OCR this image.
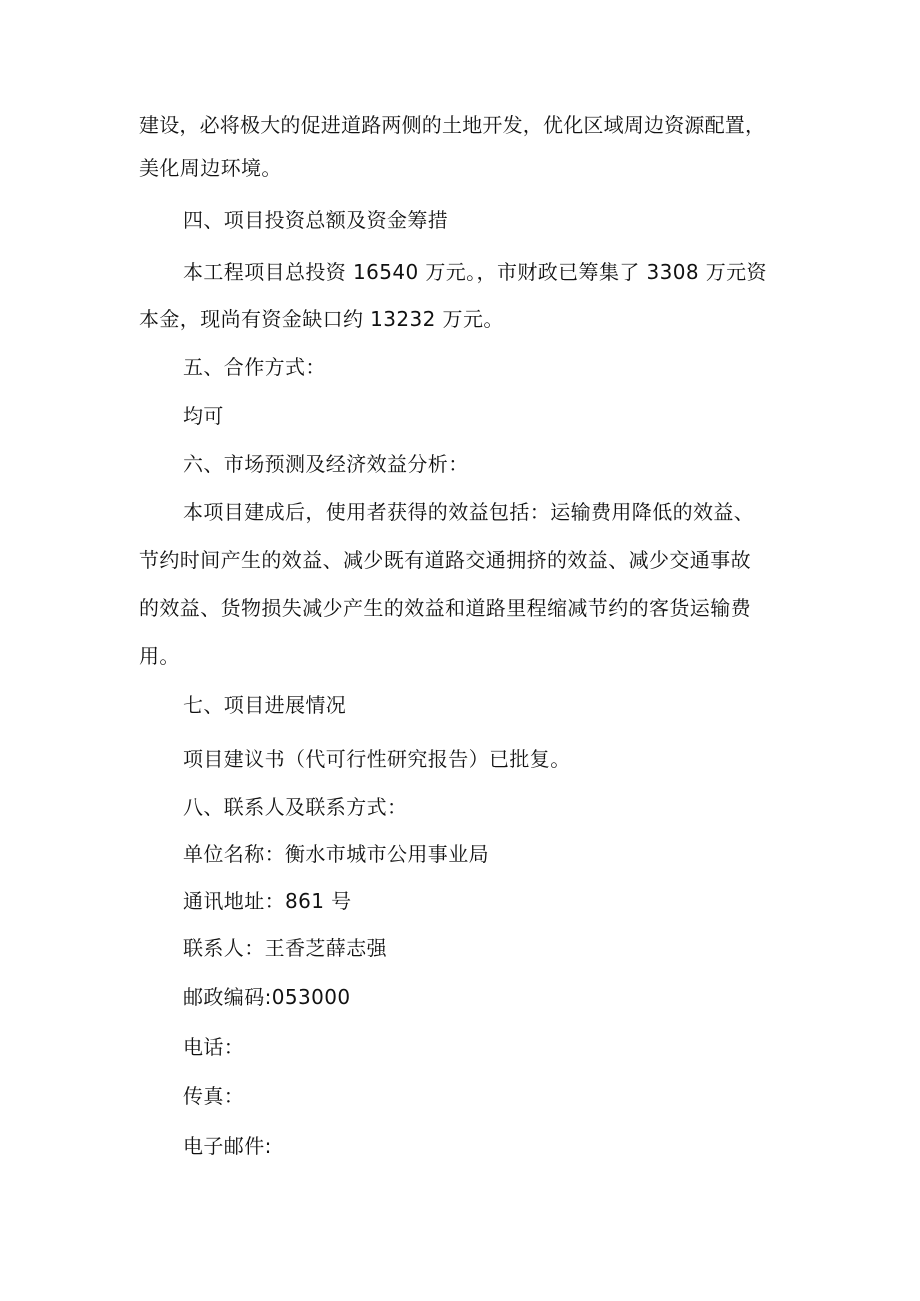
建设，必将极大的促进道路两侧的土地开发，优化区域周边资源配置，
美化周边环境。
四、项目投资总额及资金筹措
本工程项目总投资 16540 万元。，市财政已筹集了 3308 万元资
本金，现尚有资金缺口约 13232 万元。
五、合作方式：
均可
六、市场预测及经济效益分析：
本项目建成后，使用者获得的效益包括：运输费用降低的效益、
节约时间产生的效益、减少既有道路交通拥挤的效益、减少交通事故
的效益、货物损失减少产生的效益和道路里程缩减节约的客货运输费
用。
七、项目进展情况
项目建议书（代可行性研究报告）已批复。
八、联系人及联系方式：
单位名称：衡水市城市公用事业局
通讯地址：861 号
联系人：王香芝薛志强
邮政编码:053000
电话：
传真：
电子邮件:
